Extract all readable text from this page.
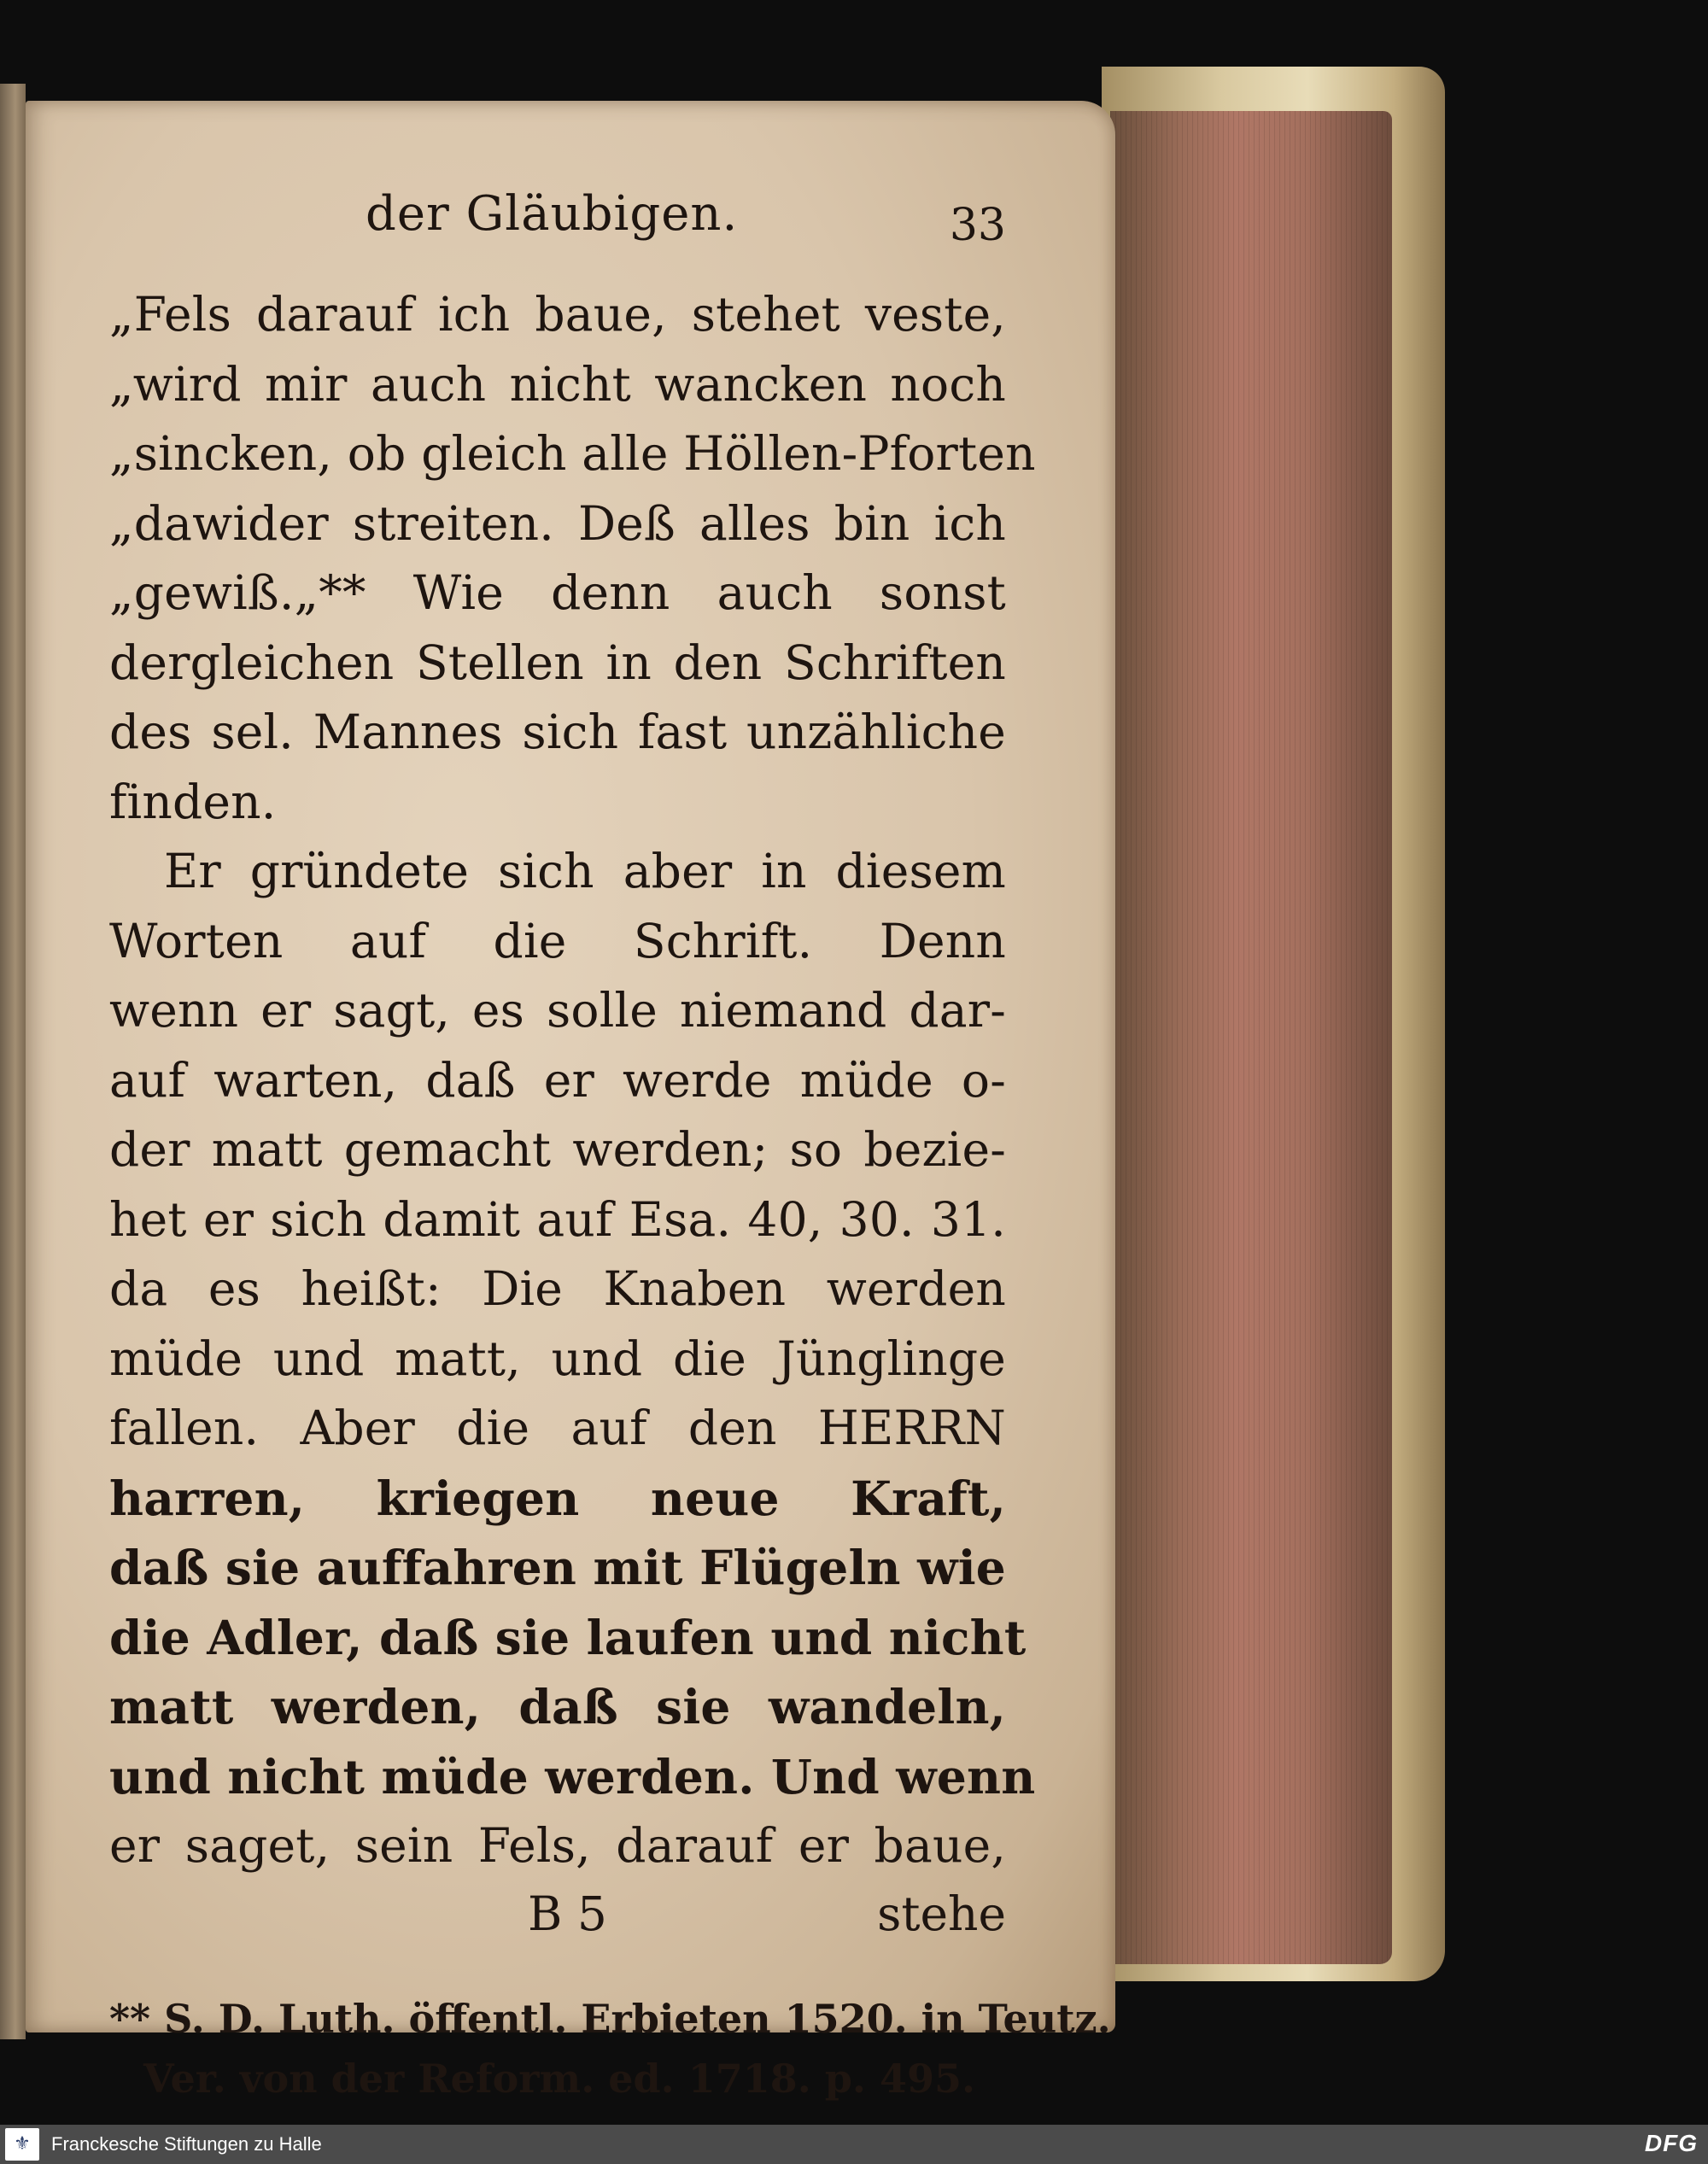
der Gläubigen.	33
„Fels darauf ich baue, stehet veste,
„wird mir auch nicht wancken noch
„sincken, ob gleich alle Höllen-Pforten
„dawider streiten. Deß alles bin ich
„gewiß.„** Wie denn auch sonst
dergleichen Stellen in den Schriften
des sel. Mannes sich fast unzähliche
finden.
Er gründete sich aber in diesem
Worten auf die Schrift. Denn
wenn er sagt, es solle niemand dar-
auf warten, daß er werde müde o-
der matt gemacht werden; so bezie-
het er sich damit auf Esa. 40, 30. 31.
da es heißt: Die Knaben werden
müde und matt, und die Jünglinge
fallen. Aber die auf den HERRN
harren, kriegen neue Kraft,
daß sie auffahren mit Flügeln wie
die Adler, daß sie laufen und nicht
matt werden, daß sie wandeln,
und nicht müde werden. Und wenn
er saget, sein Fels, darauf er baue,
B 5	stehe
** S. D. Luth. öffentl. Erbieten 1520. in Teutz.
Ver. von der Reform. ed. 1718. p. 495.
⚜ Franckesche Stiftungen zu Halle	DFG
